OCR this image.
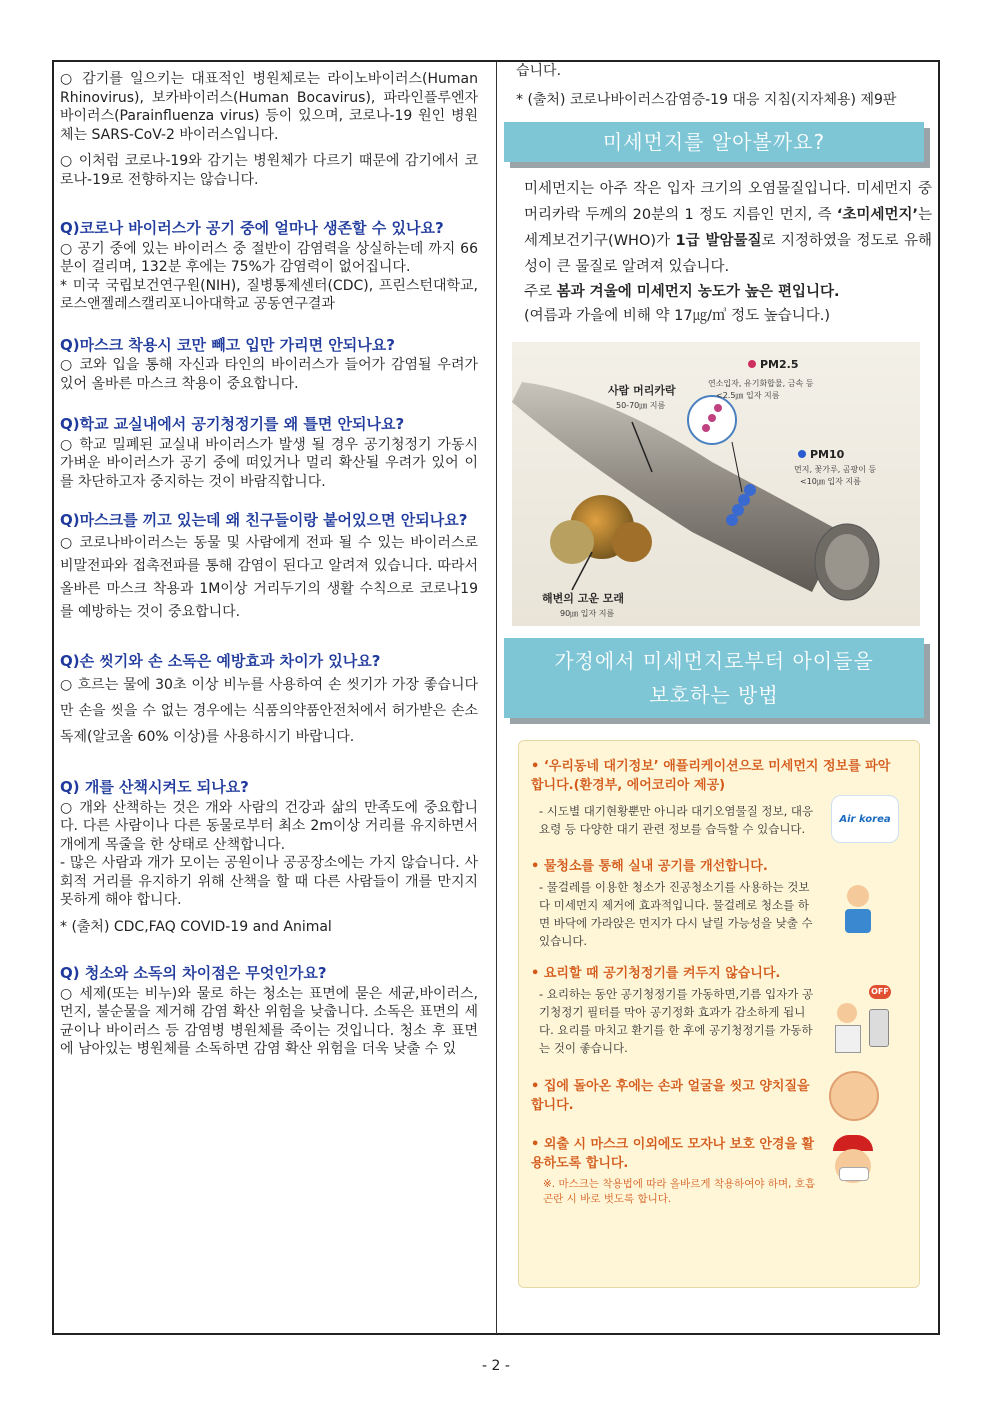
○ 감기를 일으키는 대표적인 병원체로는 라이노바이러스(Human Rhinovirus), 보카바이러스(Human Bocavirus), 파라인플루엔자바이러스(Parainfluenza virus) 등이 있으며, 코로나-19 원인 병원체는 SARS-CoV-2 바이러스입니다.

○ 이처럼 코로나-19와 감기는 병원체가 다르기 때문에 감기에서 코로나-19로 전향하지는 않습니다.

Q)코로나 바이러스가 공기 중에 얼마나 생존할 수 있나요?

○ 공기 중에 있는 바이러스 중 절반이 감염력을 상실하는데 까지 66분이 걸리며, 132분 후에는 75%가 감염력이 없어집니다.

* 미국 국립보건연구원(NIH), 질병통제센터(CDC), 프린스턴대학교, 로스앤젤레스캘리포니아대학교 공동연구결과

Q)마스크 착용시 코만 빼고 입만 가리면 안되나요?

○ 코와 입을 통해 자신과 타인의 바이러스가 들어가 감염될 우려가 있어 올바른 마스크 착용이 중요합니다.

Q)학교 교실내에서 공기청정기를 왜 틀면 안되나요?

○ 학교 밀폐된 교실내 바이러스가 발생 될 경우 공기청정기 가동시 가벼운 바이러스가 공기 중에 떠있거나 멀리 확산될 우려가 있어 이를 차단하고자 중지하는 것이 바람직합니다.

Q)마스크를 끼고 있는데 왜 친구들이랑 붙어있으면 안되나요?

○ 코로나바이러스는 동물 및 사람에게 전파 될 수 있는 바이러스로 비말전파와 접촉전파를 통해 감염이 된다고 알려져 있습니다. 따라서 올바른 마스크 착용과 1M이상 거리두기의 생활 수칙으로 코로나19를 예방하는 것이 중요합니다.

Q)손 씻기와 손 소독은 예방효과 차이가 있나요?

○ 흐르는 물에 30초 이상 비누를 사용하여 손 씻기가 가장 좋습니다만 손을 씻을 수 없는 경우에는 식품의약품안전처에서 허가받은 손소독제(알코올 60% 이상)를 사용하시기 바랍니다.

Q) 개를 산책시켜도 되나요?

○ 개와 산책하는 것은 개와 사람의 건강과 삶의 만족도에 중요합니다. 다른 사람이나 다른 동물로부터 최소 2m이상 거리를 유지하면서 개에게 목줄을 한 상태로 산책합니다.

- 많은 사람과 개가 모이는 공원이나 공공장소에는 가지 않습니다. 사회적 거리를 유지하기 위해 산책을 할 때 다른 사람들이 개를 만지지 못하게 해야 합니다.

* (출처) CDC,FAQ COVID-19 and Animal

Q) 청소와 소독의 차이점은 무엇인가요?

○ 세제(또는 비누)와 물로 하는 청소는 표면에 묻은 세균,바이러스,먼지, 불순물을 제거해 감염 확산 위험을 낮춥니다. 소독은 표면의 세균이나 바이러스 등 감염병 병원체를 죽이는 것입니다. 청소 후 표면에 남아있는 병원체를 소독하면 감염 확산 위험을 더욱 낮출 수 있

습니다.

* (출처) 코로나바이러스감염증-19 대응 지침(지자체용) 제9판

미세먼지를 알아볼까요?

미세먼지는 아주 작은 입자 크기의 오염물질입니다. 미세먼지 중 머리카락 두께의 20분의 1 정도 지름인 먼지, 즉 ‘초미세먼지’는 세계보건기구(WHO)가 1급 발암물질로 지정하였을 정도로 유해성이 큰 물질로 알려져 있습니다.

주로 봄과 겨울에 미세먼지 농도가 높은 편입니다.

(여름과 가을에 비해 약 17㎍/㎥ 정도 높습니다.)

PM2.5
연소입자, 유기화합물, 금속 등
<2.5㎛ 입자 지름
사람 머리카락
50-70㎛ 지름
PM10
먼지, 꽃가루, 곰팡이 등
<10㎛ 입자 지름
해변의 고운 모래
90㎛ 입자 지름
가정에서 미세먼지로부터 아이들을
보호하는 방법
• ‘우리동네 대기정보’ 애플리케이션으로 미세먼지 정보를 파악 합니다.(환경부, 에어코리아 제공)
- 시도별 대기현황뿐만 아니라 대기오염물질 정보, 대응요령 등 다양한 대기 관련 정보를 습득할 수 있습니다.
Air korea
• 물청소를 통해 실내 공기를 개선합니다.
- 물걸레를 이용한 청소가 진공청소기를 사용하는 것보다 미세먼지 제거에 효과적입니다. 물걸레로 청소를 하면 바닥에 가라앉은 먼지가 다시 날릴 가능성을 낮출 수 있습니다.
• 요리할 때 공기청정기를 켜두지 않습니다.
- 요리하는 동안 공기청정기를 가동하면,기름 입자가 공기청정기 필터를 막아 공기정화 효과가 감소하게 됩니다. 요리를 마치고 환기를 한 후에 공기청정기를 가동하는 것이 좋습니다.
OFF
• 집에 돌아온 후에는 손과 얼굴을 씻고 양치질을 합니다.
• 외출 시 마스크 이외에도 모자나 보호 안경을 활용하도록 합니다.
※. 마스크는 착용법에 따라 올바르게 착용하여야 하며, 호흡곤란 시 바로 벗도록 합니다.
- 2 -
